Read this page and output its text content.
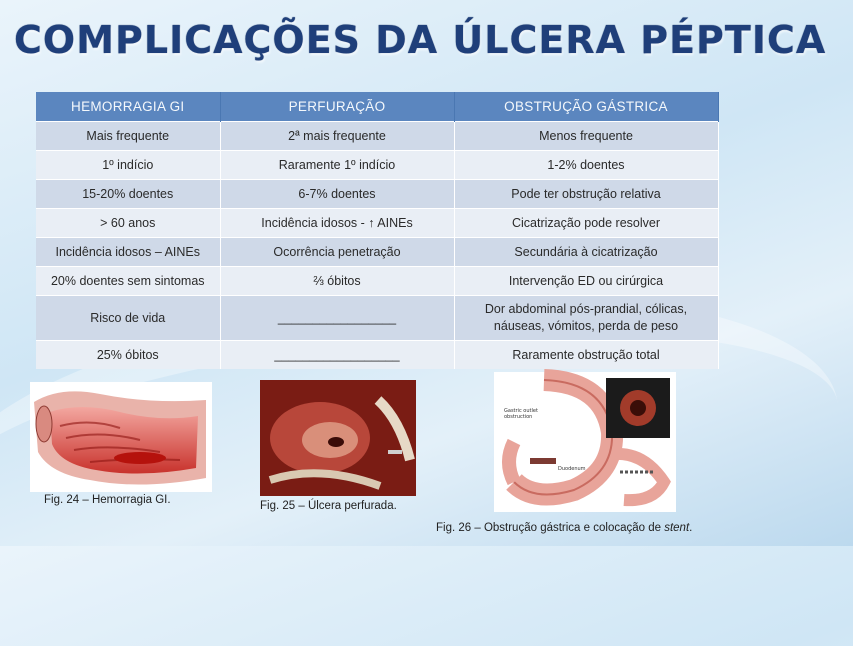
COMPLICAÇÕES DA ÚLCERA PÉPTICA
HEMORRAGIA GI	PERFURAÇÃO	OBSTRUÇÃO GÁSTRICA
Mais frequente	2ª mais frequente	Menos frequente
1º indício	Raramente 1º indício	1-2% doentes
15-20% doentes	6-7% doentes	Pode ter obstrução relativa
> 60 anos	Incidência idosos - ↑ AINEs	Cicatrização pode resolver
Incidência idosos – AINEs	Ocorrência penetração	Secundária à cicatrização
20% doentes sem sintomas	⅔ óbitos	Intervenção ED ou cirúrgica
Risco de vida	_________________	Dor abdominal pós-prandial, cólicas, náuseas, vómitos, perda de peso
25% óbitos	__________________	Raramente obstrução total
Gastric outlet
obstruction
Duodenum
Fig. 24 – Hemorragia GI.	Fig. 25 – Úlcera perfurada.
Fig. 26 – Obstrução gástrica e colocação de stent.
